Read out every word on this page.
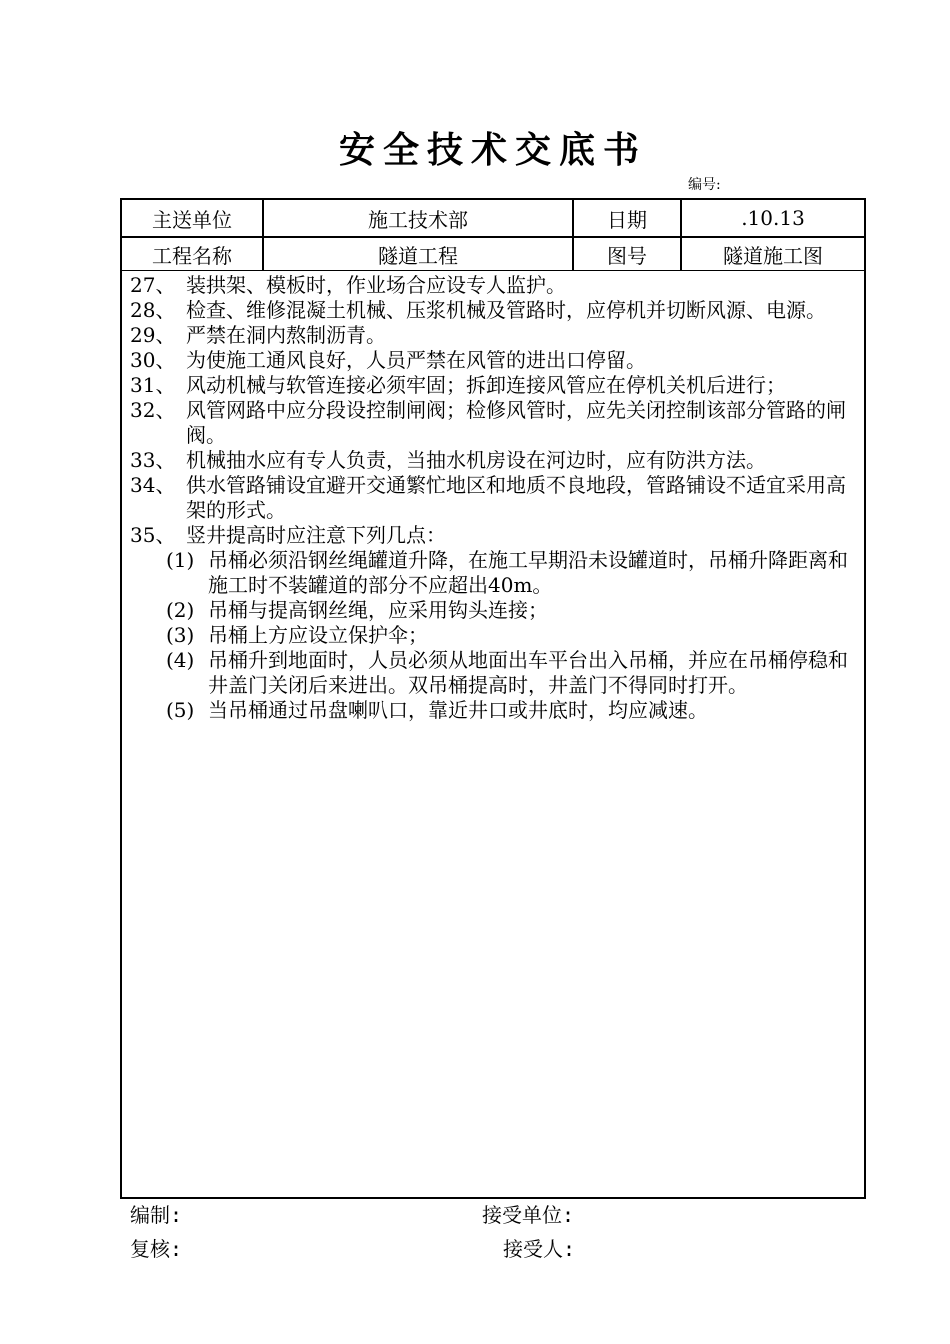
安全技术交底书
编号:
主送单位	施工技术部	日期	.10.13
工程名称	隧道工程	图号	隧道施工图
27、 装拱架、模板时，作业场合应设专人监护。
28、 检查、维修混凝土机械、压浆机械及管路时，应停机并切断风源、电源。
29、 严禁在洞内熬制沥青。
30、 为使施工通风良好，人员严禁在风管的进出口停留。
31、 风动机械与软管连接必须牢固；拆卸连接风管应在停机关机后进行；
32、 风管网路中应分段设控制闸阀；检修风管时，应先关闭控制该部分管路的闸阀。
33、 机械抽水应有专人负责，当抽水机房设在河边时，应有防洪方法。
34、 供水管路铺设宜避开交通繁忙地区和地质不良地段，管路铺设不适宜采用高架的形式。
35、 竖井提高时应注意下列几点：
(1) 吊桶必须沿钢丝绳罐道升降，在施工早期沿未设罐道时，吊桶升降距离和施工时不装罐道的部分不应超出40m。
(2) 吊桶与提高钢丝绳，应采用钩头连接；
(3) 吊桶上方应设立保护伞；
(4) 吊桶升到地面时，人员必须从地面出车平台出入吊桶，并应在吊桶停稳和井盖门关闭后来进出。双吊桶提高时，井盖门不得同时打开。
(5) 当吊桶通过吊盘喇叭口，靠近井口或井底时，均应减速。
编制:	接受单位:
复核:	接受人:
